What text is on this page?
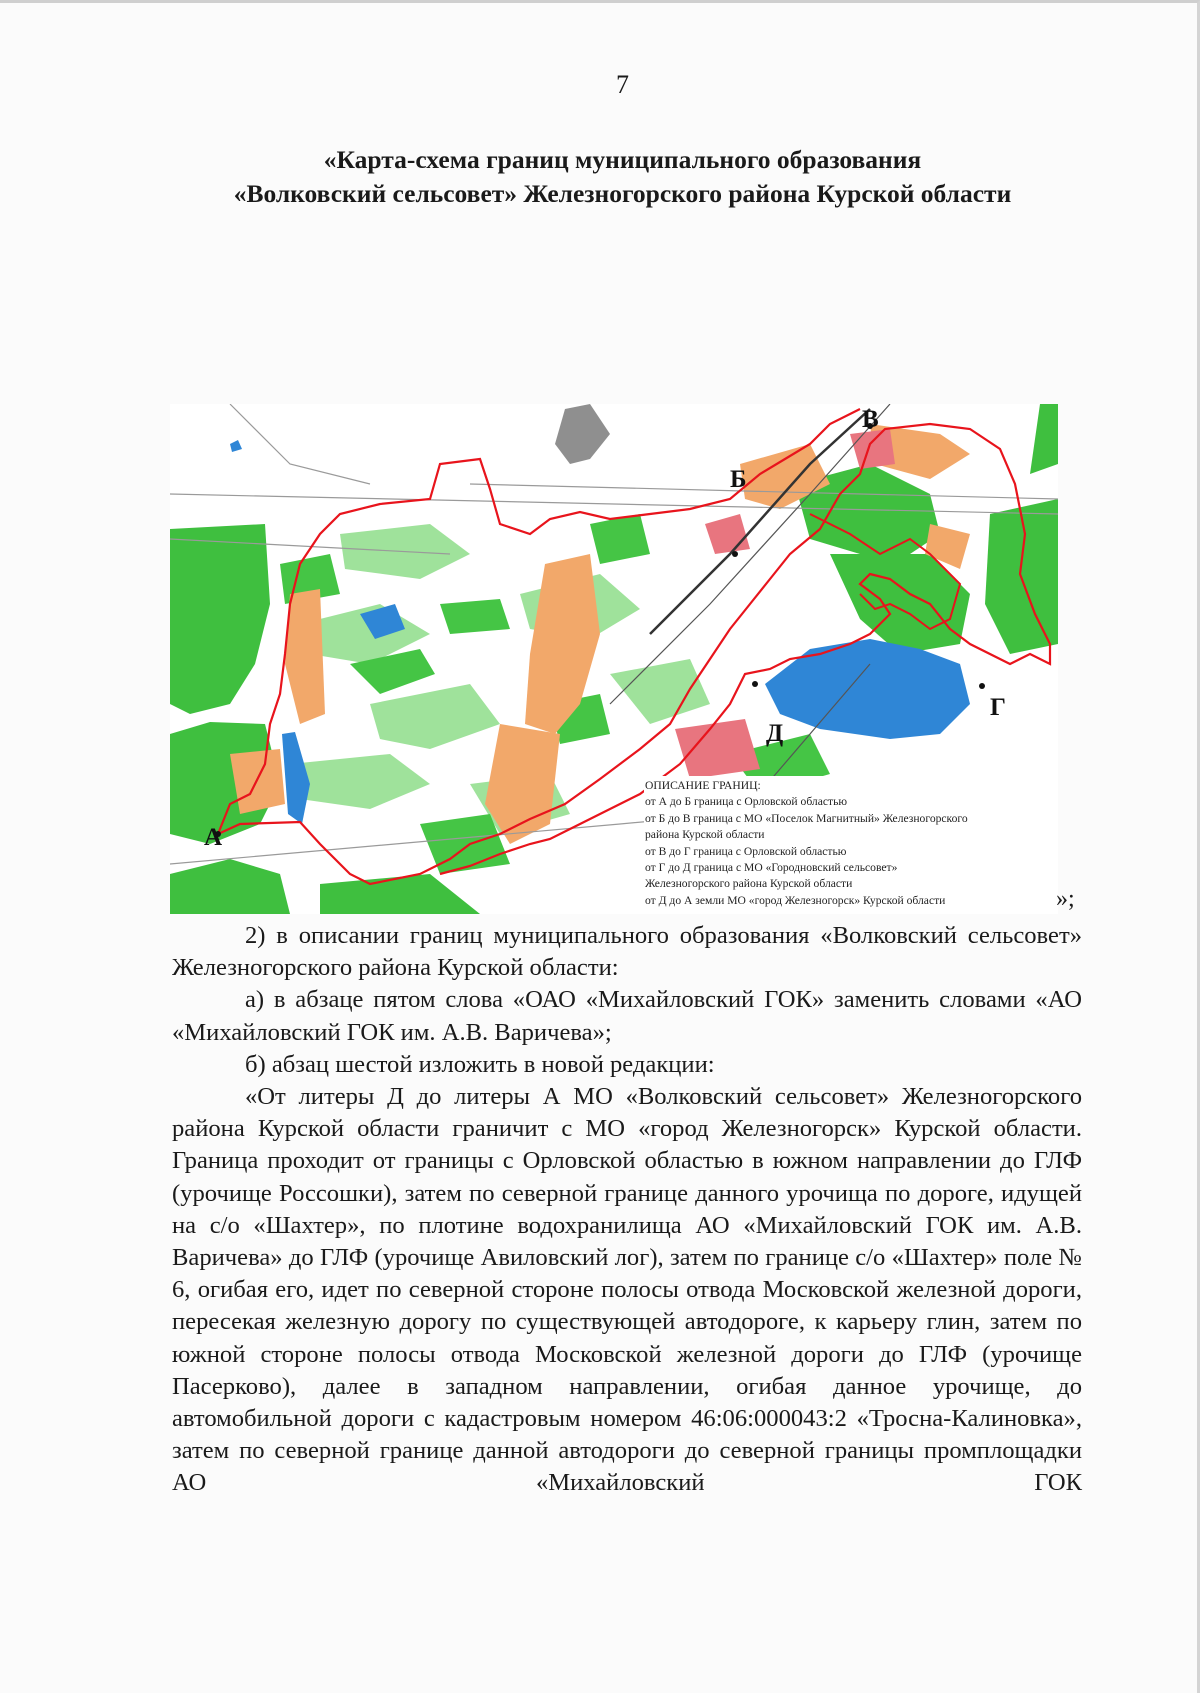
7
«Карта-схема границ муниципального образования
«Волковский сельсовет» Железногорского района Курской области
А
Б
В
Г
Д
ОПИСАНИЕ ГРАНИЦ:
от А до Б граница с Орловской областью
от Б до В граница с МО «Поселок Магнитный» Железногорского
района Курской области
от В до Г граница с Орловской областью
от Г до Д граница с МО «Городновский сельсовет»
Железногорского района Курской области
от Д до А земли МО «город Железногорск» Курской области	»;

2) в описании границ муниципального образования «Волковский сельсовет» Железногорского района Курской области:

а) в абзаце пятом слова «ОАО «Михайловский ГОК» заменить словами «АО «Михайловский ГОК им. А.В. Варичева»;

б) абзац шестой изложить в новой редакции:

«От литеры Д до литеры А МО «Волковский сельсовет» Железногорского района Курской области граничит с МО «город Железногорск» Курской области. Граница проходит от границы с Орловской областью в южном направлении до ГЛФ (урочище Россошки), затем по северной границе данного урочища по дороге, идущей на с/о «Шахтер», по плотине водохранилища АО «Михайловский ГОК им. А.В. Варичева» до ГЛФ (урочище Авиловский лог), затем по границе с/о «Шахтер» поле № 6, огибая его, идет по северной стороне полосы отвода Московской железной дороги, пересекая железную дорогу по существующей автодороге, к карьеру глин, затем по южной стороне полосы отвода Московской железной дороги до ГЛФ (урочище Пасерково), далее в западном направлении, огибая данное урочище, до автомобильной дороги с кадастровым номером 46:06:000043:2 «Тросна-Калиновка», затем по северной границе данной автодороги до северной границы промплощадки АО «Михайловский ГОК
